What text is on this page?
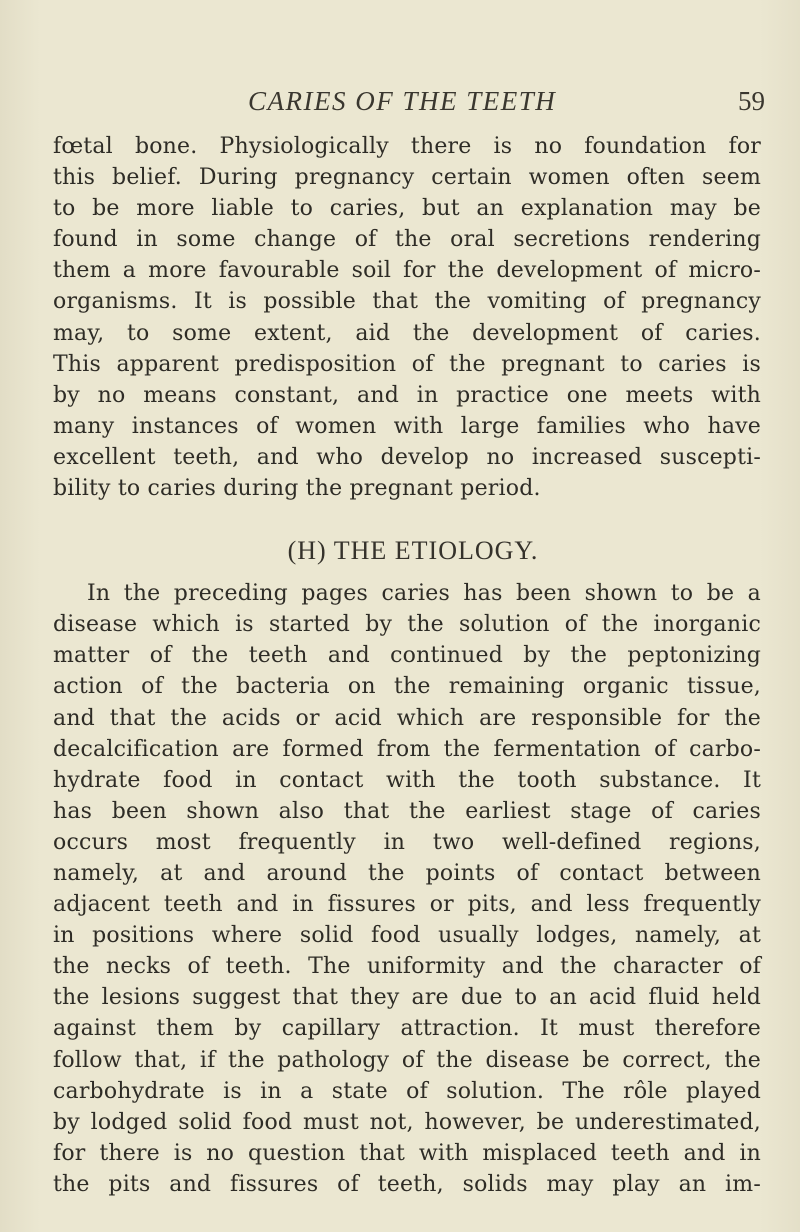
CARIES OF THE TEETH	59
fœtal bone. Physiologically there is no foundation for
this belief. During pregnancy certain women often seem
to be more liable to caries, but an explanation may be
found in some change of the oral secretions rendering
them a more favourable soil for the development of micro-
organisms. It is possible that the vomiting of pregnancy
may, to some extent, aid the development of caries.
This apparent predisposition of the pregnant to caries is
by no means constant, and in practice one meets with
many instances of women with large families who have
excellent teeth, and who develop no increased suscepti-
bility to caries during the pregnant period.
(H) THE ETIOLOGY.
In the preceding pages caries has been shown to be a
disease which is started by the solution of the inorganic
matter of the teeth and continued by the peptonizing
action of the bacteria on the remaining organic tissue,
and that the acids or acid which are responsible for the
decalcification are formed from the fermentation of carbo-
hydrate food in contact with the tooth substance. It
has been shown also that the earliest stage of caries
occurs most frequently in two well-defined regions,
namely, at and around the points of contact between
adjacent teeth and in fissures or pits, and less frequently
in positions where solid food usually lodges, namely, at
the necks of teeth. The uniformity and the character of
the lesions suggest that they are due to an acid fluid held
against them by capillary attraction. It must therefore
follow that, if the pathology of the disease be correct, the
carbohydrate is in a state of solution. The rôle played
by lodged solid food must not, however, be underestimated,
for there is no question that with misplaced teeth and in
the pits and fissures of teeth, solids may play an im-
